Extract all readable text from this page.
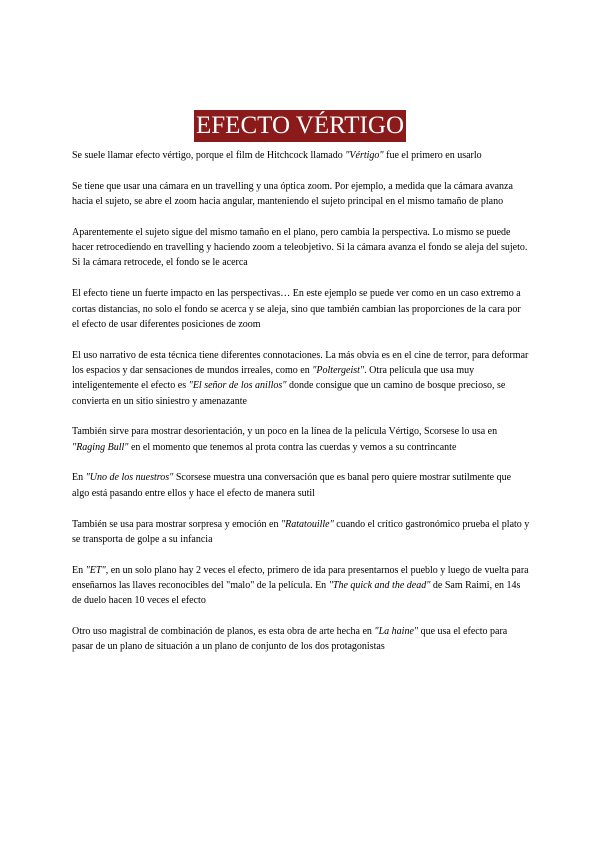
EFECTO VÉRTIGO

Se suele llamar efecto vértigo, porque el film de Hitchcock llamado "Vértigo" fue el primero en usarlo

Se tiene que usar una cámara en un travelling y una óptica zoom. Por ejemplo, a medida que la cámara avanza hacia el sujeto, se abre el zoom hacia angular, manteniendo el sujeto principal en el mismo tamaño de plano

Aparentemente el sujeto sigue del mismo tamaño en el plano, pero cambia la perspectiva. Lo mismo se puede hacer retrocediendo en travelling y haciendo zoom a teleobjetivo. Si la cámara avanza el fondo se aleja del sujeto. Si la cámara retrocede, el fondo se le acerca

El efecto tiene un fuerte impacto en las perspectivas… En este ejemplo se puede ver como en un caso extremo a cortas distancias, no solo el fondo se acerca y se aleja, sino que también cambian las proporciones de la cara por el efecto de usar diferentes posiciones de zoom

El uso narrativo de esta técnica tiene diferentes connotaciones. La más obvia es en el cine de terror, para deformar los espacios y dar sensaciones de mundos irreales, como en "Poltergeist". Otra película que usa muy inteligentemente el efecto es "El señor de los anillos" donde consigue que un camino de bosque precioso, se convierta en un sitio siniestro y amenazante

También sirve para mostrar desorientación, y un poco en la línea de la película Vértigo, Scorsese lo usa en "Raging Bull" en el momento que tenemos al prota contra las cuerdas y vemos a su contrincante

En "Uno de los nuestros" Scorsese muestra una conversación que es banal pero quiere mostrar sutilmente que algo está pasando entre ellos y hace el efecto de manera sutil

También se usa para mostrar sorpresa y emoción en "Ratatouille" cuando el crítico gastronómico prueba el plato y se transporta de golpe a su infancia

En "ET", en un solo plano hay 2 veces el efecto, primero de ida para presentarnos el pueblo y luego de vuelta para enseñarnos las llaves reconocibles del "malo" de la película. En "The quick and the dead" de Sam Raimi, en 14s de duelo hacen 10 veces el efecto

Otro uso magistral de combinación de planos, es esta obra de arte hecha en "La haine" que usa el efecto para pasar de un plano de situación a un plano de conjunto de los dos protagonistas
